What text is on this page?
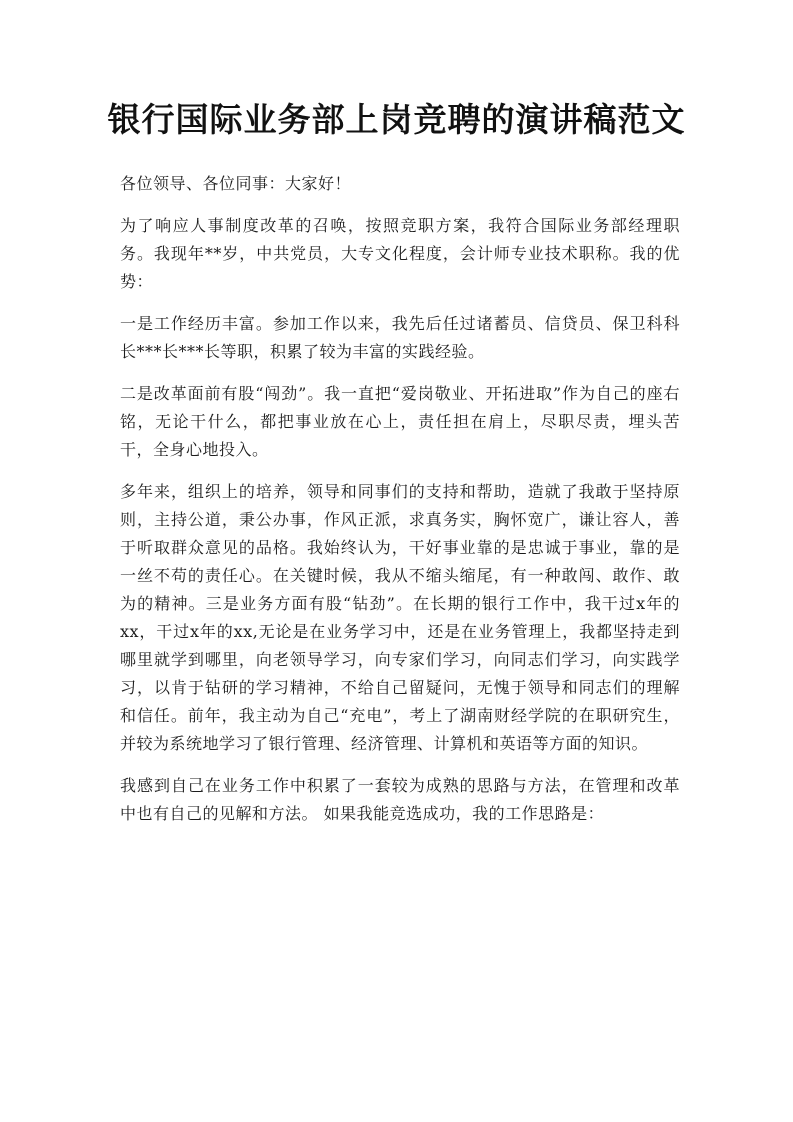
银行国际业务部上岗竞聘的演讲稿范文

各位领导、各位同事：大家好！

为了响应人事制度改革的召唤，按照竞职方案，我符合国际业务部经理职务。我现年**岁，中共党员，大专文化程度，会计师专业技术职称。我的优势：

一是工作经历丰富。参加工作以来，我先后任过诸蓄员、信贷员、保卫科科长***长***长等职，积累了较为丰富的实践经验。

二是改革面前有股“闯劲”。我一直把“爱岗敬业、开拓进取”作为自己的座右铭，无论干什么，都把事业放在心上，责任担在肩上，尽职尽责，埋头苦干，全身心地投入。

多年来，组织上的培养，领导和同事们的支持和帮助，造就了我敢于坚持原则，主持公道，秉公办事，作风正派，求真务实，胸怀宽广，谦让容人，善于听取群众意见的品格。我始终认为，干好事业靠的是忠诚于事业，靠的是一丝不苟的责任心。在关键时候，我从不缩头缩尾，有一种敢闯、敢作、敢为的精神。三是业务方面有股“钻劲”。在长期的银行工作中，我干过x年的xx，干过x年的xx,无论是在业务学习中，还是在业务管理上，我都坚持走到哪里就学到哪里，向老领导学习，向专家们学习，向同志们学习，向实践学习，以肯于钻研的学习精神，不给自己留疑问，无愧于领导和同志们的理解和信任。前年，我主动为自己“充电”，考上了湖南财经学院的在职研究生，并较为系统地学习了银行管理、经济管理、计算机和英语等方面的知识。

我感到自己在业务工作中积累了一套较为成熟的思路与方法，在管理和改革中也有自己的见解和方法。 如果我能竞选成功，我的工作思路是：
